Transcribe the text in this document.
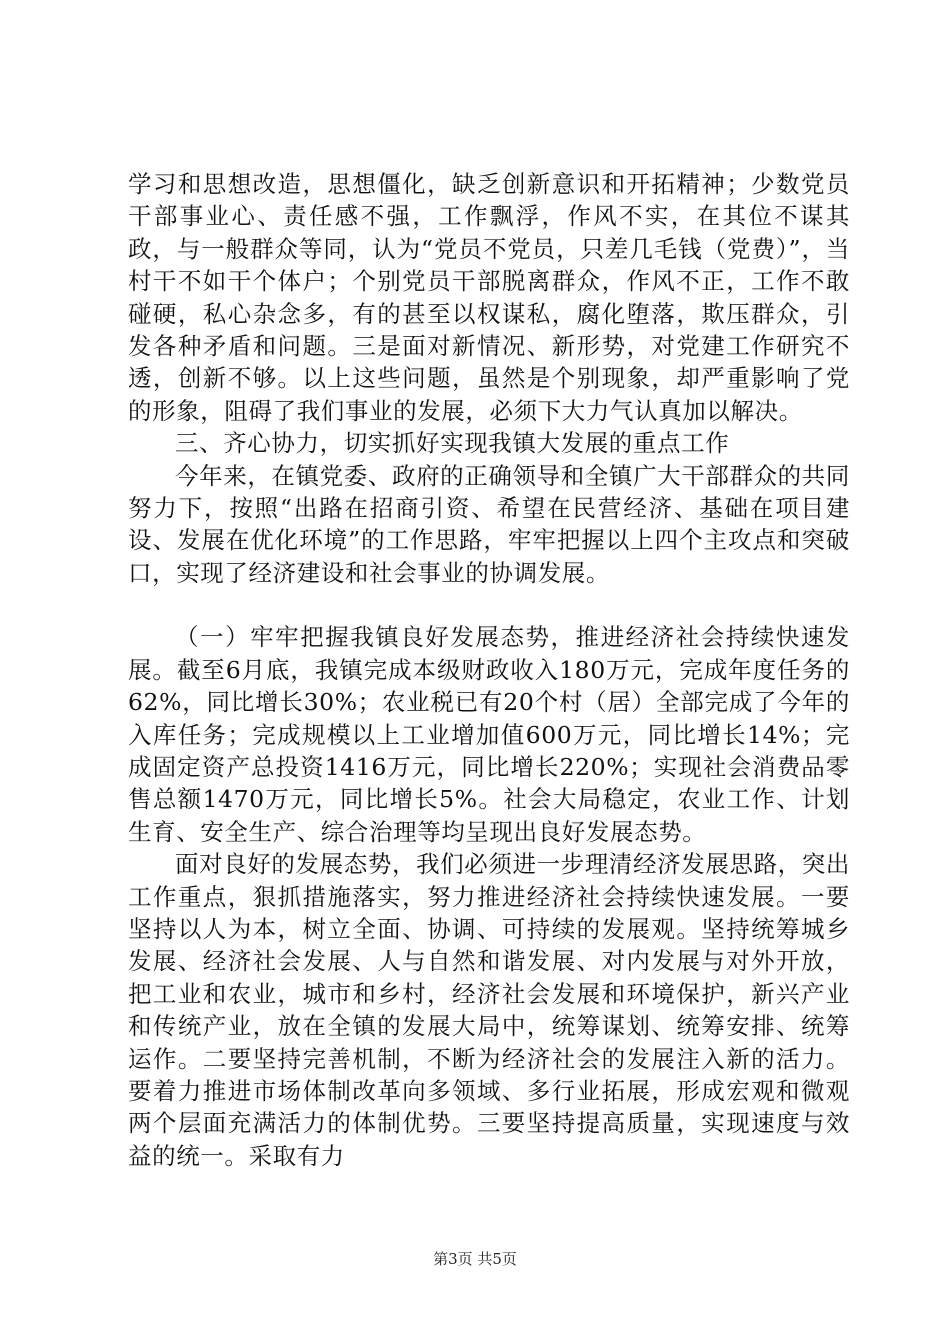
学习和思想改造，思想僵化，缺乏创新意识和开拓精神；少数党员干部事业心、责任感不强，工作飘浮，作风不实，在其位不谋其政，与一般群众等同，认为“党员不党员，只差几毛钱（党费）”，当村干不如干个体户；个别党员干部脱离群众，作风不正，工作不敢碰硬，私心杂念多，有的甚至以权谋私，腐化堕落，欺压群众，引发各种矛盾和问题。三是面对新情况、新形势，对党建工作研究不透，创新不够。以上这些问题，虽然是个别现象，却严重影响了党的形象，阻碍了我们事业的发展，必须下大力气认真加以解决。

三、齐心协力，切实抓好实现我镇大发展的重点工作

今年来，在镇党委、政府的正确领导和全镇广大干部群众的共同努力下，按照“出路在招商引资、希望在民营经济、基础在项目建设、发展在优化环境”的工作思路，牢牢把握以上四个主攻点和突破口，实现了经济建设和社会事业的协调发展。

（一）牢牢把握我镇良好发展态势，推进经济社会持续快速发展。截至6月底，我镇完成本级财政收入180万元，完成年度任务的62%，同比增长30%；农业税已有20个村（居）全部完成了今年的入库任务；完成规模以上工业增加值600万元，同比增长14%；完成固定资产总投资1416万元，同比增长220%；实现社会消费品零售总额1470万元，同比增长5%。社会大局稳定，农业工作、计划生育、安全生产、综合治理等均呈现出良好发展态势。

面对良好的发展态势，我们必须进一步理清经济发展思路，突出工作重点，狠抓措施落实，努力推进经济社会持续快速发展。一要坚持以人为本，树立全面、协调、可持续的发展观。坚持统筹城乡发展、经济社会发展、人与自然和谐发展、对内发展与对外开放，把工业和农业，城市和乡村，经济社会发展和环境保护，新兴产业和传统产业，放在全镇的发展大局中，统筹谋划、统筹安排、统筹运作。二要坚持完善机制，不断为经济社会的发展注入新的活力。要着力推进市场体制改革向多领域、多行业拓展，形成宏观和微观两个层面充满活力的体制优势。三要坚持提高质量，实现速度与效益的统一。采取有力

第3页 共5页
